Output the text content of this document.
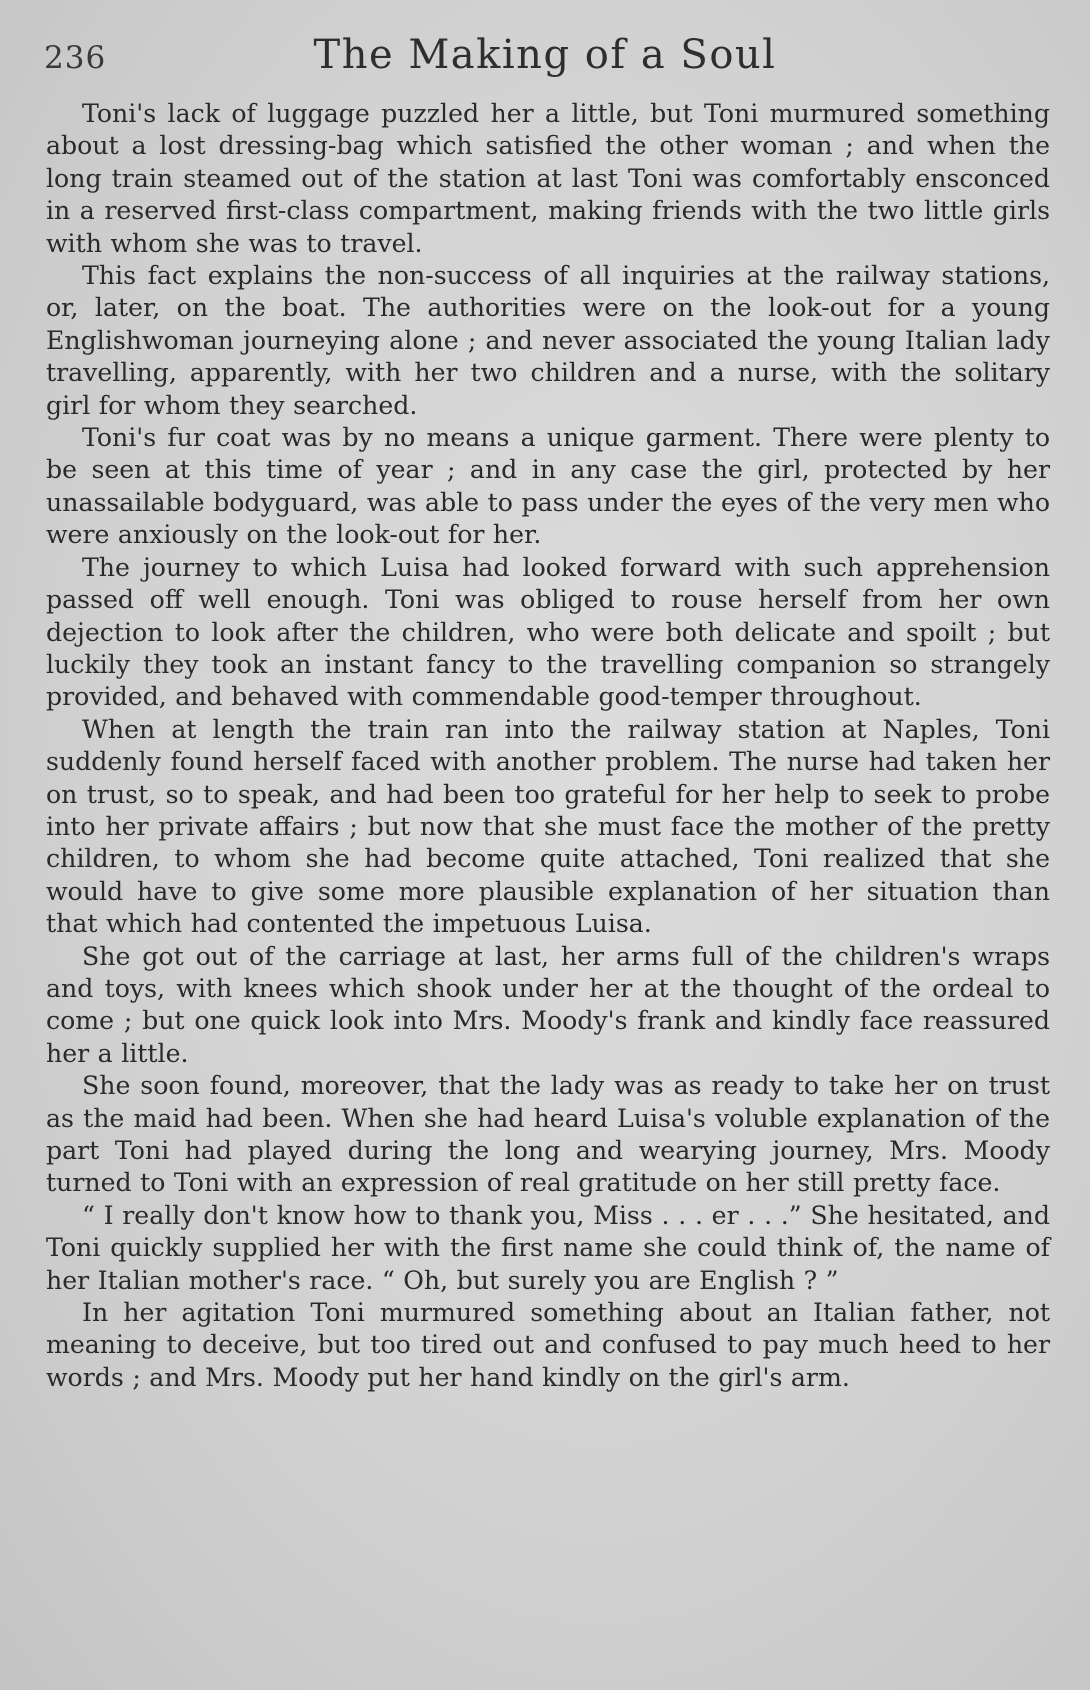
236	The Making of a Soul

Toni's lack of luggage puzzled her a little, but Toni murmured something about a lost dressing-bag which satisfied the other woman ; and when the long train steamed out of the station at last Toni was comfortably ensconced in a reserved first-class compartment, making friends with the two little girls with whom she was to travel.

This fact explains the non-success of all inquiries at the railway stations, or, later, on the boat. The authorities were on the look-out for a young Englishwoman journeying alone ; and never associated the young Italian lady travelling, apparently, with her two children and a nurse, with the solitary girl for whom they searched.

Toni's fur coat was by no means a unique garment. There were plenty to be seen at this time of year ; and in any case the girl, protected by her unassailable bodyguard, was able to pass under the eyes of the very men who were anxiously on the look-out for her.

The journey to which Luisa had looked forward with such apprehension passed off well enough. Toni was obliged to rouse herself from her own dejection to look after the children, who were both delicate and spoilt ; but luckily they took an instant fancy to the travelling companion so strangely provided, and behaved with commendable good-temper throughout.

When at length the train ran into the railway station at Naples, Toni suddenly found herself faced with another problem. The nurse had taken her on trust, so to speak, and had been too grateful for her help to seek to probe into her private affairs ; but now that she must face the mother of the pretty children, to whom she had become quite attached, Toni realized that she would have to give some more plausible explanation of her situation than that which had contented the impetuous Luisa.

She got out of the carriage at last, her arms full of the children's wraps and toys, with knees which shook under her at the thought of the ordeal to come ; but one quick look into Mrs. Moody's frank and kindly face reassured her a little.

She soon found, moreover, that the lady was as ready to take her on trust as the maid had been. When she had heard Luisa's voluble explanation of the part Toni had played during the long and wearying journey, Mrs. Moody turned to Toni with an expression of real gratitude on her still pretty face.

“ I really don't know how to thank you, Miss . . . er . . .” She hesitated, and Toni quickly supplied her with the first name she could think of, the name of her Italian mother's race. “ Oh, but surely you are English ? ”

In her agitation Toni murmured something about an Italian father, not meaning to deceive, but too tired out and confused to pay much heed to her words ; and Mrs. Moody put her hand kindly on the girl's arm.
